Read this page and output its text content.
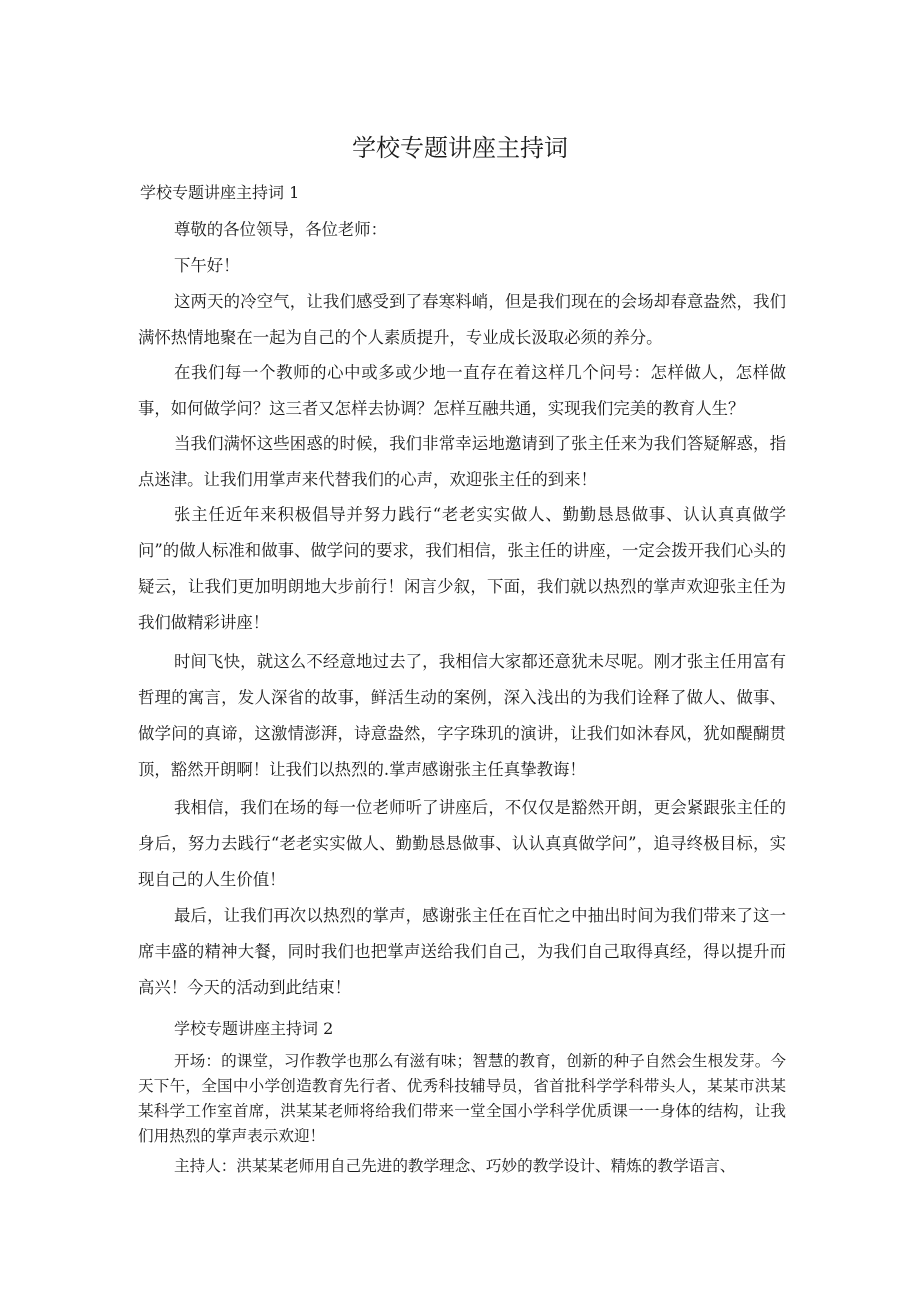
学校专题讲座主持词

学校专题讲座主持词 1

尊敬的各位领导，各位老师：

下午好！

这两天的冷空气，让我们感受到了春寒料峭，但是我们现在的会场却春意盎然，我们满怀热情地聚在一起为自己的个人素质提升，专业成长汲取必须的养分。

在我们每一个教师的心中或多或少地一直存在着这样几个问号：怎样做人，怎样做事，如何做学问？这三者又怎样去协调？怎样互融共通，实现我们完美的教育人生？

当我们满怀这些困惑的时候，我们非常幸运地邀请到了张主任来为我们答疑解惑，指点迷津。让我们用掌声来代替我们的心声，欢迎张主任的到来！

张主任近年来积极倡导并努力践行“老老实实做人、勤勤恳恳做事、认认真真做学问”的做人标准和做事、做学问的要求，我们相信，张主任的讲座，一定会拨开我们心头的疑云，让我们更加明朗地大步前行！闲言少叙，下面，我们就以热烈的掌声欢迎张主任为我们做精彩讲座！

时间飞快，就这么不经意地过去了，我相信大家都还意犹未尽呢。刚才张主任用富有哲理的寓言，发人深省的故事，鲜活生动的案例，深入浅出的为我们诠释了做人、做事、做学问的真谛，这激情澎湃，诗意盎然，字字珠玑的演讲，让我们如沐春风，犹如醍醐贯顶，豁然开朗啊！让我们以热烈的.掌声感谢张主任真挚教诲！

我相信，我们在场的每一位老师听了讲座后，不仅仅是豁然开朗，更会紧跟张主任的身后，努力去践行“老老实实做人、勤勤恳恳做事、认认真真做学问”，追寻终极目标，实现自己的人生价值！

最后，让我们再次以热烈的掌声，感谢张主任在百忙之中抽出时间为我们带来了这一席丰盛的精神大餐，同时我们也把掌声送给我们自己，为我们自己取得真经，得以提升而高兴！今天的活动到此结束！

学校专题讲座主持词 2

开场：的课堂，习作教学也那么有滋有味；智慧的教育，创新的种子自然会生根发芽。今天下午，全国中小学创造教育先行者、优秀科技辅导员，省首批科学学科带头人，某某市洪某某科学工作室首席，洪某某老师将给我们带来一堂全国小学科学优质课一一身体的结构，让我们用热烈的掌声表示欢迎！

主持人：洪某某老师用自己先进的教学理念、巧妙的教学设计、精炼的教学语言、
